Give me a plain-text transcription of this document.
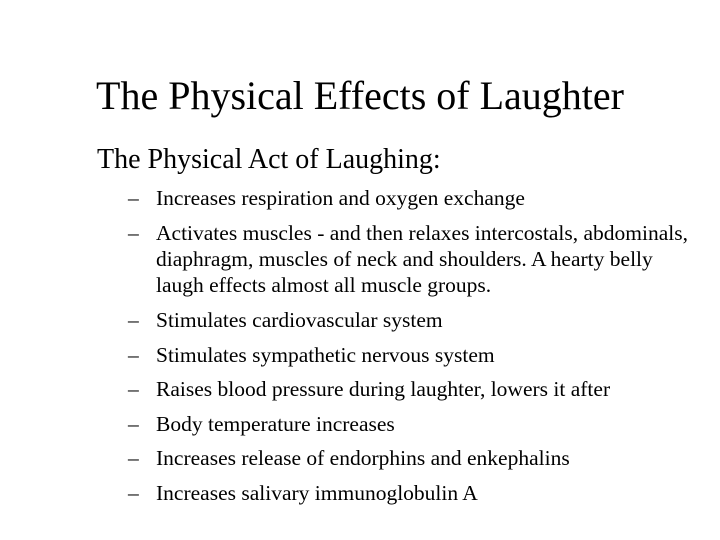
The Physical Effects of Laughter
The Physical Act of Laughing:
– Increases respiration and oxygen exchange
– Activates muscles - and then relaxes intercostals, abdominals, diaphragm, muscles of neck and shoulders. A hearty belly laugh effects almost all muscle groups.
– Stimulates cardiovascular system
– Stimulates sympathetic nervous system
– Raises blood pressure during laughter, lowers it after
– Body temperature increases
– Increases release of endorphins and enkephalins
– Increases salivary immunoglobulin A
